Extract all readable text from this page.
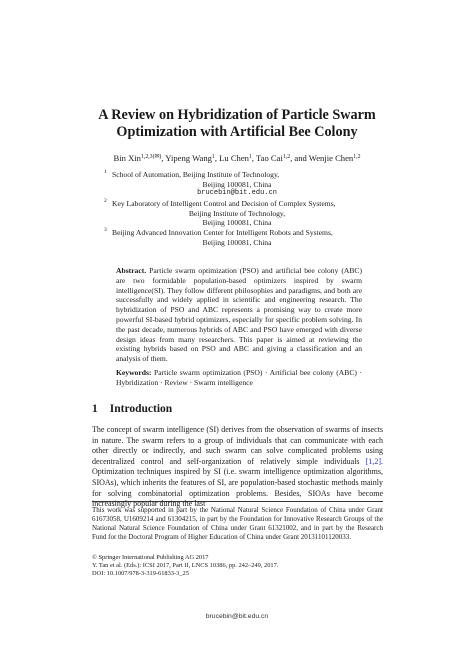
A Review on Hybridization of Particle Swarm
Optimization with Artificial Bee Colony
Bin Xin$^{1,2,3(✉)}$, Yipeng Wang$^1$, Lu Chen$^1$, Tao Cai$^{1,2}$, and Wenjie Chen$^{1,2}$
1 School of Automation, Beijing Institute of Technology,
Beijing 100081, China
brucebin@bit.edu.cn
2 Key Laboratory of Intelligent Control and Decision of Complex Systems,
Beijing Institute of Technology,
Beijing 100081, China
3 Beijing Advanced Innovation Center for Intelligent Robots and Systems,
Beijing 100081, China
Abstract. Particle swarm optimization (PSO) and artificial bee colony (ABC) are two formidable population-based optimizers inspired by swarm intelligence(SI). They follow different philosophies and paradigms, and both are successfully and widely applied in scientific and engineering research. The hybridization of PSO and ABC represents a promising way to create more powerful SI-based hybrid optimizers, especially for specific problem solving. In the past decade, numerous hybrids of ABC and PSO have emerged with diverse design ideas from many researchers. This paper is aimed at reviewing the existing hybrids based on PSO and ABC and giving a classification and an analysis of them.
Keywords: Particle swarm optimization (PSO) · Artificial bee colony (ABC) · Hybridization · Review · Swarm intelligence
1 Introduction
The concept of swarm intelligence (SI) derives from the observation of swarms of insects in nature. The swarm refers to a group of individuals that can communicate with each other directly or indirectly, and such swarm can solve complicated problems using decentralized control and self-organization of relatively simple individuals [1,2]. Optimization techniques inspired by SI (i.e. swarm intelligence optimization algorithms, SIOAs), which inherits the features of SI, are population-based stochastic methods mainly for solving combinatorial optimization problems. Besides, SIOAs have become increasingly popular during the last
This work was supported in part by the National Natural Science Foundation of China under Grant 61673058, U1609214 and 61304215, in part by the Foundation for Innovative Research Groups of the National Natural Science Foundation of China under Grant 61321002, and in part by the Research Fund for the Doctoral Program of Higher Education of China under Grant 20131101120033.
© Springer International Publishing AG 2017
Y. Tan et al. (Eds.): ICSI 2017, Part II, LNCS 10386, pp. 242–249, 2017.
DOI: 10.1007/978-3-319-61833-3_25
brucebin@bit.edu.cn
